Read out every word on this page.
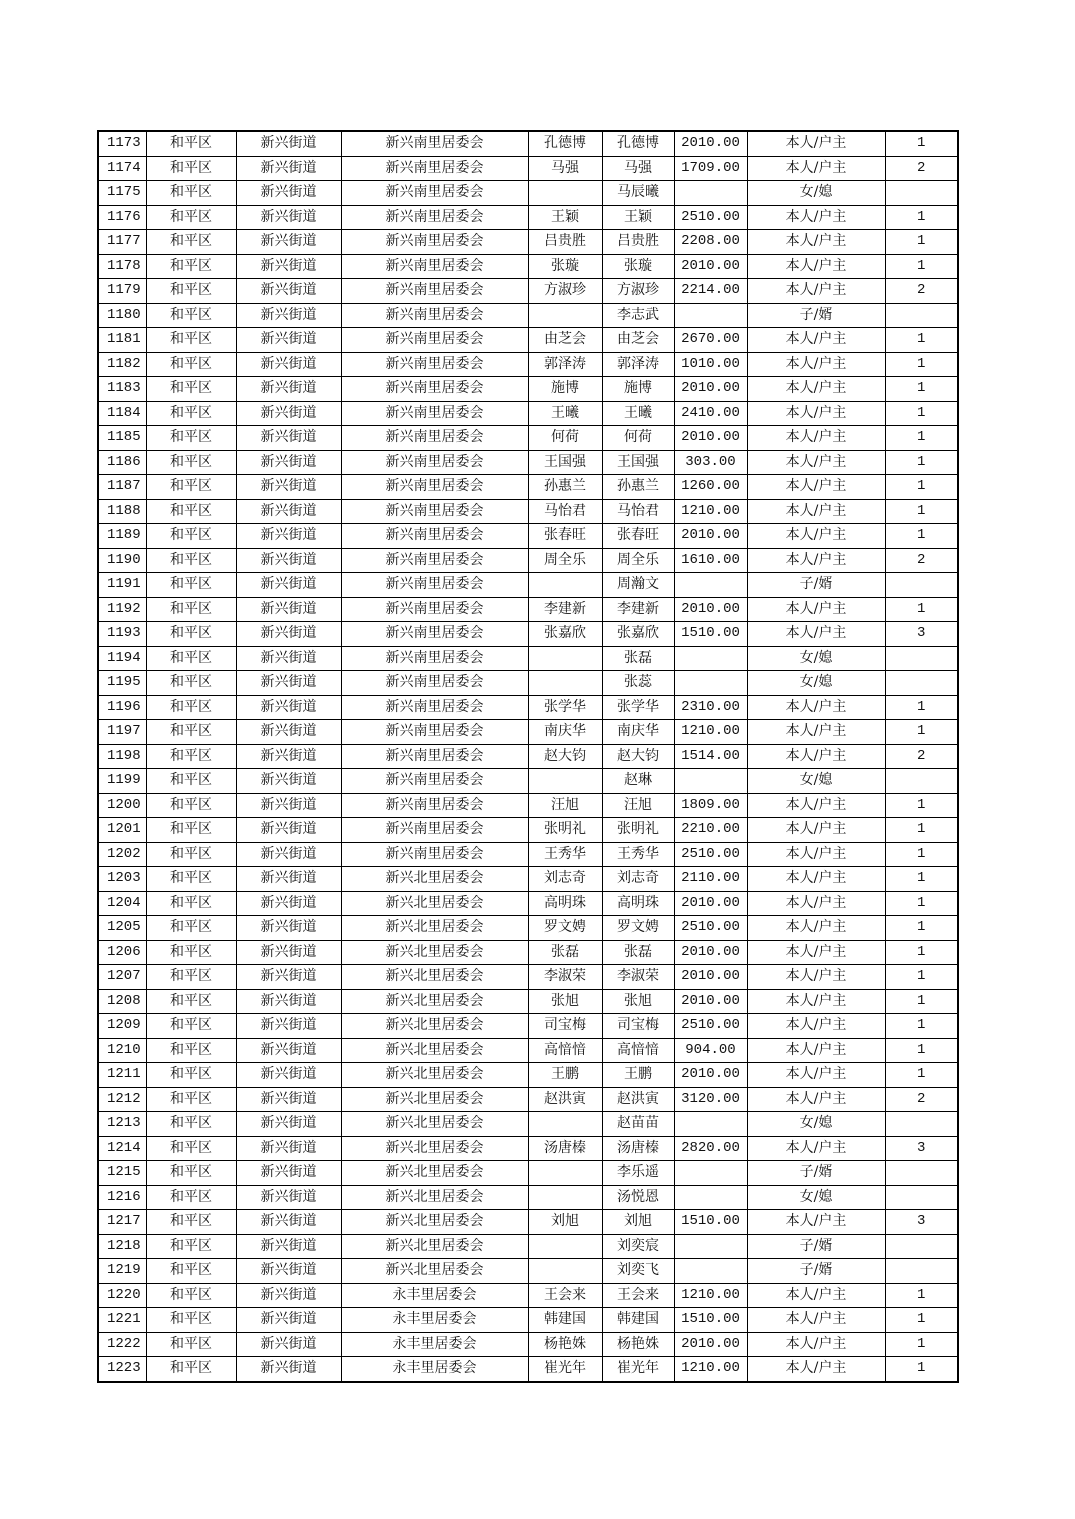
1173	和平区	新兴街道	新兴南里居委会	孔德博	孔德博	2010.00	本人/户主	1
1174	和平区	新兴街道	新兴南里居委会	马强	马强	1709.00	本人/户主	2
1175	和平区	新兴街道	新兴南里居委会		马辰曦		女/媳	
1176	和平区	新兴街道	新兴南里居委会	王颖	王颖	2510.00	本人/户主	1
1177	和平区	新兴街道	新兴南里居委会	吕贵胜	吕贵胜	2208.00	本人/户主	1
1178	和平区	新兴街道	新兴南里居委会	张璇	张璇	2010.00	本人/户主	1
1179	和平区	新兴街道	新兴南里居委会	方淑珍	方淑珍	2214.00	本人/户主	2
1180	和平区	新兴街道	新兴南里居委会		李志武		子/婿	
1181	和平区	新兴街道	新兴南里居委会	由芝会	由芝会	2670.00	本人/户主	1
1182	和平区	新兴街道	新兴南里居委会	郭泽涛	郭泽涛	1010.00	本人/户主	1
1183	和平区	新兴街道	新兴南里居委会	施博	施博	2010.00	本人/户主	1
1184	和平区	新兴街道	新兴南里居委会	王曦	王曦	2410.00	本人/户主	1
1185	和平区	新兴街道	新兴南里居委会	何荷	何荷	2010.00	本人/户主	1
1186	和平区	新兴街道	新兴南里居委会	王国强	王国强	303.00	本人/户主	1
1187	和平区	新兴街道	新兴南里居委会	孙惠兰	孙惠兰	1260.00	本人/户主	1
1188	和平区	新兴街道	新兴南里居委会	马怡君	马怡君	1210.00	本人/户主	1
1189	和平区	新兴街道	新兴南里居委会	张春旺	张春旺	2010.00	本人/户主	1
1190	和平区	新兴街道	新兴南里居委会	周全乐	周全乐	1610.00	本人/户主	2
1191	和平区	新兴街道	新兴南里居委会		周瀚文		子/婿	
1192	和平区	新兴街道	新兴南里居委会	李建新	李建新	2010.00	本人/户主	1
1193	和平区	新兴街道	新兴南里居委会	张嘉欣	张嘉欣	1510.00	本人/户主	3
1194	和平区	新兴街道	新兴南里居委会		张磊		女/媳	
1195	和平区	新兴街道	新兴南里居委会		张蕊		女/媳	
1196	和平区	新兴街道	新兴南里居委会	张学华	张学华	2310.00	本人/户主	1
1197	和平区	新兴街道	新兴南里居委会	南庆华	南庆华	1210.00	本人/户主	1
1198	和平区	新兴街道	新兴南里居委会	赵大钧	赵大钧	1514.00	本人/户主	2
1199	和平区	新兴街道	新兴南里居委会		赵琳		女/媳	
1200	和平区	新兴街道	新兴南里居委会	汪旭	汪旭	1809.00	本人/户主	1
1201	和平区	新兴街道	新兴南里居委会	张明礼	张明礼	2210.00	本人/户主	1
1202	和平区	新兴街道	新兴南里居委会	王秀华	王秀华	2510.00	本人/户主	1
1203	和平区	新兴街道	新兴北里居委会	刘志奇	刘志奇	2110.00	本人/户主	1
1204	和平区	新兴街道	新兴北里居委会	高明珠	高明珠	2010.00	本人/户主	1
1205	和平区	新兴街道	新兴北里居委会	罗文娉	罗文娉	2510.00	本人/户主	1
1206	和平区	新兴街道	新兴北里居委会	张磊	张磊	2010.00	本人/户主	1
1207	和平区	新兴街道	新兴北里居委会	李淑荣	李淑荣	2010.00	本人/户主	1
1208	和平区	新兴街道	新兴北里居委会	张旭	张旭	2010.00	本人/户主	1
1209	和平区	新兴街道	新兴北里居委会	司宝梅	司宝梅	2510.00	本人/户主	1
1210	和平区	新兴街道	新兴北里居委会	高愔愔	高愔愔	904.00	本人/户主	1
1211	和平区	新兴街道	新兴北里居委会	王鹏	王鹏	2010.00	本人/户主	1
1212	和平区	新兴街道	新兴北里居委会	赵洪寅	赵洪寅	3120.00	本人/户主	2
1213	和平区	新兴街道	新兴北里居委会		赵苗苗		女/媳	
1214	和平区	新兴街道	新兴北里居委会	汤唐榛	汤唐榛	2820.00	本人/户主	3
1215	和平区	新兴街道	新兴北里居委会		李乐遥		子/婿	
1216	和平区	新兴街道	新兴北里居委会		汤悦恩		女/媳	
1217	和平区	新兴街道	新兴北里居委会	刘旭	刘旭	1510.00	本人/户主	3
1218	和平区	新兴街道	新兴北里居委会		刘奕宸		子/婿	
1219	和平区	新兴街道	新兴北里居委会		刘奕飞		子/婿	
1220	和平区	新兴街道	永丰里居委会	王会来	王会来	1210.00	本人/户主	1
1221	和平区	新兴街道	永丰里居委会	韩建国	韩建国	1510.00	本人/户主	1
1222	和平区	新兴街道	永丰里居委会	杨艳姝	杨艳姝	2010.00	本人/户主	1
1223	和平区	新兴街道	永丰里居委会	崔光年	崔光年	1210.00	本人/户主	1
